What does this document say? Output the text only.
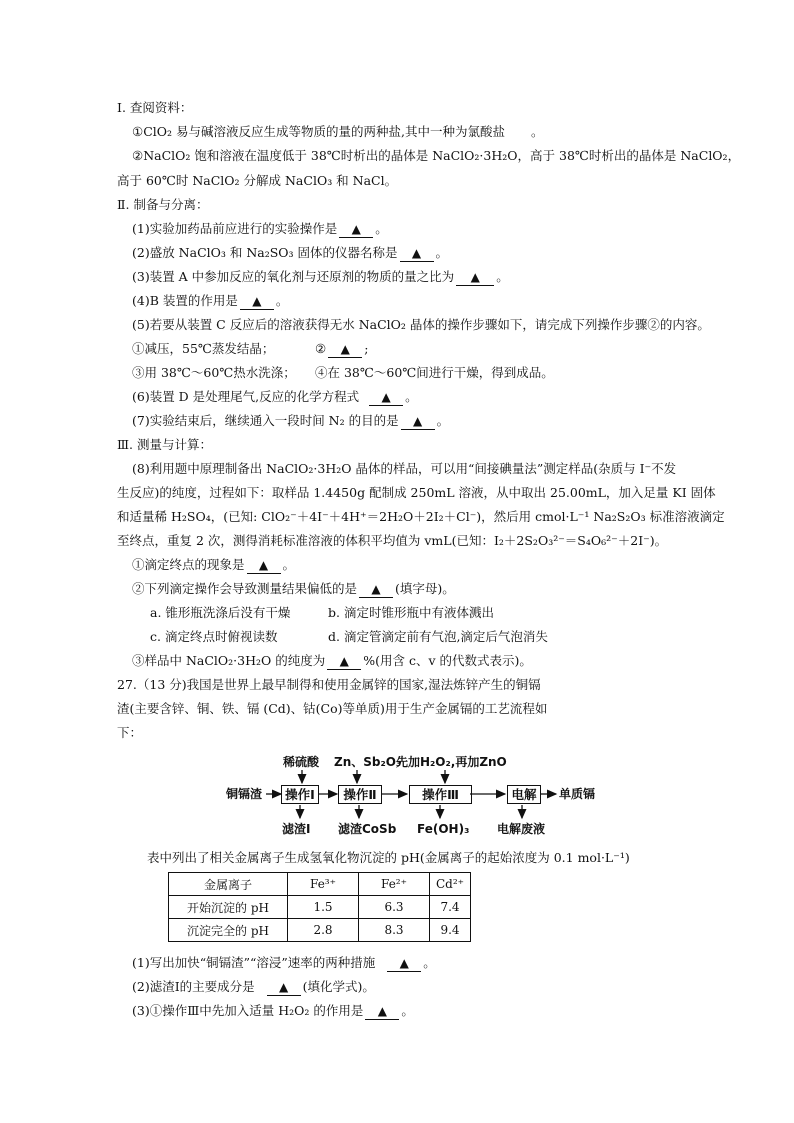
I. 查阅资料：
①ClO₂ 易与碱溶液反应生成等物质的量的两种盐,其中一种为氯酸盐 。
②NaClO₂ 饱和溶液在温度低于 38℃时析出的晶体是 NaClO₂·3H₂O，高于 38℃时析出的晶体是 NaClO₂，
高于 60℃时 NaClO₂ 分解成 NaClO₃ 和 NaCl。
Ⅱ. 制备与分离：
(1)实验加药品前应进行的实验操作是 ▲ 。
(2)盛放 NaClO₃ 和 Na₂SO₃ 固体的仪器名称是 ▲ 。
(3)装置 A 中参加反应的氧化剂与还原剂的物质的量之比为 ▲ 。
(4)B 装置的作用是 ▲ 。
(5)若要从装置 C 反应后的溶液获得无水 NaClO₂ 晶体的操作步骤如下，请完成下列操作步骤②的内容。
①减压，55℃蒸发结晶；	② ▲ ;
③用 38℃～60℃热水洗涤； ④在 38℃～60℃间进行干燥，得到成品。
(6)装置 D 是处理尾气,反应的化学方程式 ▲ 。
(7)实验结束后，继续通入一段时间 N₂ 的目的是 ▲ 。
Ⅲ. 测量与计算：
(8)利用题中原理制备出 NaClO₂·3H₂O 晶体的样品，可以用“间接碘量法”测定样品(杂质与 I⁻不发
生反应)的纯度，过程如下：取样品 1.4450g 配制成 250mL 溶液，从中取出 25.00mL，加入足量 KI 固体
和适量稀 H₂SO₄，(已知: ClO₂⁻＋4I⁻＋4H⁺＝2H₂O＋2I₂＋Cl⁻)，然后用 cmol·L⁻¹ Na₂S₂O₃ 标准溶液滴定
至终点，重复 2 次，测得消耗标准溶液的体积平均值为 vmL(已知：I₂＋2S₂O₃²⁻＝S₄O₆²⁻＋2I⁻)。
①滴定终点的现象是 ▲ 。
②下列滴定操作会导致测量结果偏低的是 ▲ (填字母)。
a. 锥形瓶洗涤后没有干燥	b. 滴定时锥形瓶中有液体溅出
c. 滴定终点时俯视读数	d. 滴定管滴定前有气泡,滴定后气泡消失
③样品中 NaClO₂·3H₂O 的纯度为 ▲ %(用含 c、v 的代数式表示)。
27.（13 分)我国是世界上最早制得和使用金属锌的国家,湿法炼锌产生的铜镉
渣(主要含锌、铜、铁、镉 (Cd)、钴(Co)等单质)用于生产金属镉的工艺流程如
下：
稀硫酸 Zn、Sb₂O₃
先加H₂O₂,再加ZnO
铜镉渣	操作Ⅰ	操作Ⅱ	操作Ⅲ	电解	单质镉
滤渣Ⅰ 滤渣CoSb Fe(OH)₃ 电解废液
表中列出了相关金属离子生成氢氧化物沉淀的 pH(金属离子的起始浓度为 0.1 mol·L⁻¹)
金属离子	Fe³⁺	Fe²⁺	Cd²⁺
开始沉淀的 pH	1.5	6.3	7.4
沉淀完全的 pH	2.8	8.3	9.4
(1)写出加快“铜镉渣”“溶浸”速率的两种措施 ▲ 。
(2)滤渣Ⅰ的主要成分是 ▲ (填化学式)。
(3)①操作Ⅲ中先加入适量 H₂O₂ 的作用是 ▲ 。
